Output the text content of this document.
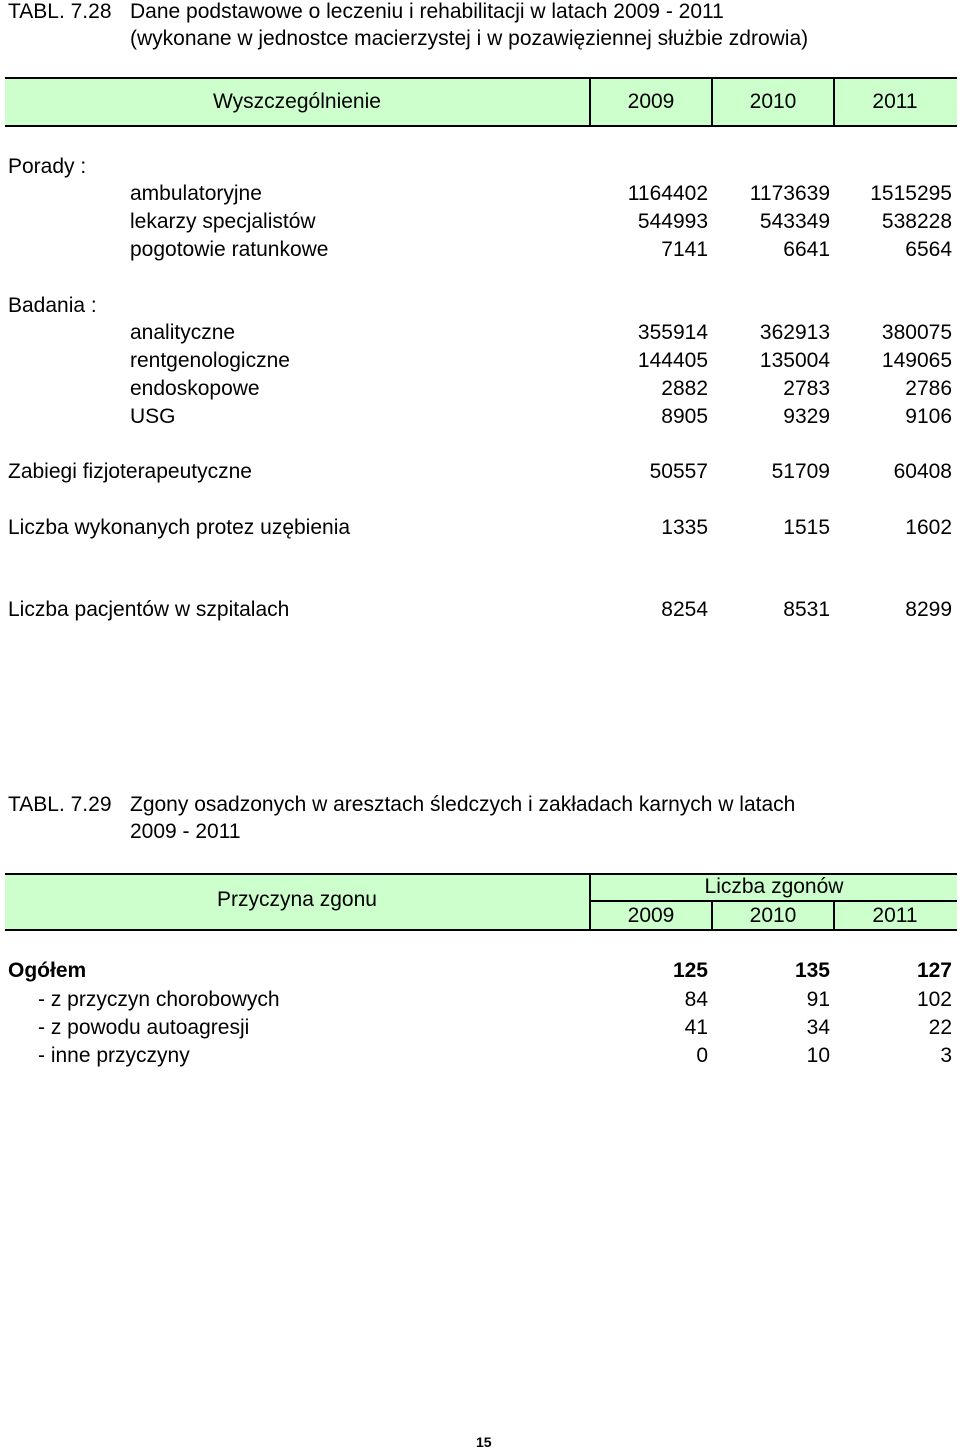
TABL. 7.28 Dane podstawowe o leczeniu i rehabilitacji w latach 2009 - 2011
(wykonane w jednostce macierzystej i w pozawięziennej służbie zdrowia)
Wyszczególnienie	2009	2010	2011
Porady :
ambulatoryjne	1164402	1173639	1515295
lekarzy specjalistów	544993	543349	538228
pogotowie ratunkowe	7141	6641	6564
Badania :
analityczne	355914	362913	380075
rentgenologiczne	144405	135004	149065
endoskopowe	2882	2783	2786
USG	8905	9329	9106
Zabiegi fizjoterapeutyczne	50557	51709	60408
Liczba wykonanych protez uzębienia	1335	1515	1602
Liczba pacjentów w szpitalach	8254	8531	8299
TABL. 7.29 Zgony osadzonych w aresztach śledczych i zakładach karnych w latach
2009 - 2011
Przyczyna zgonu
Liczba zgonów
2009	2010	2011
Ogółem	125	135	127
- z przyczyn chorobowych	84	91	102
- z powodu autoagresji	41	34	22
- inne przyczyny	0	10	3
15
